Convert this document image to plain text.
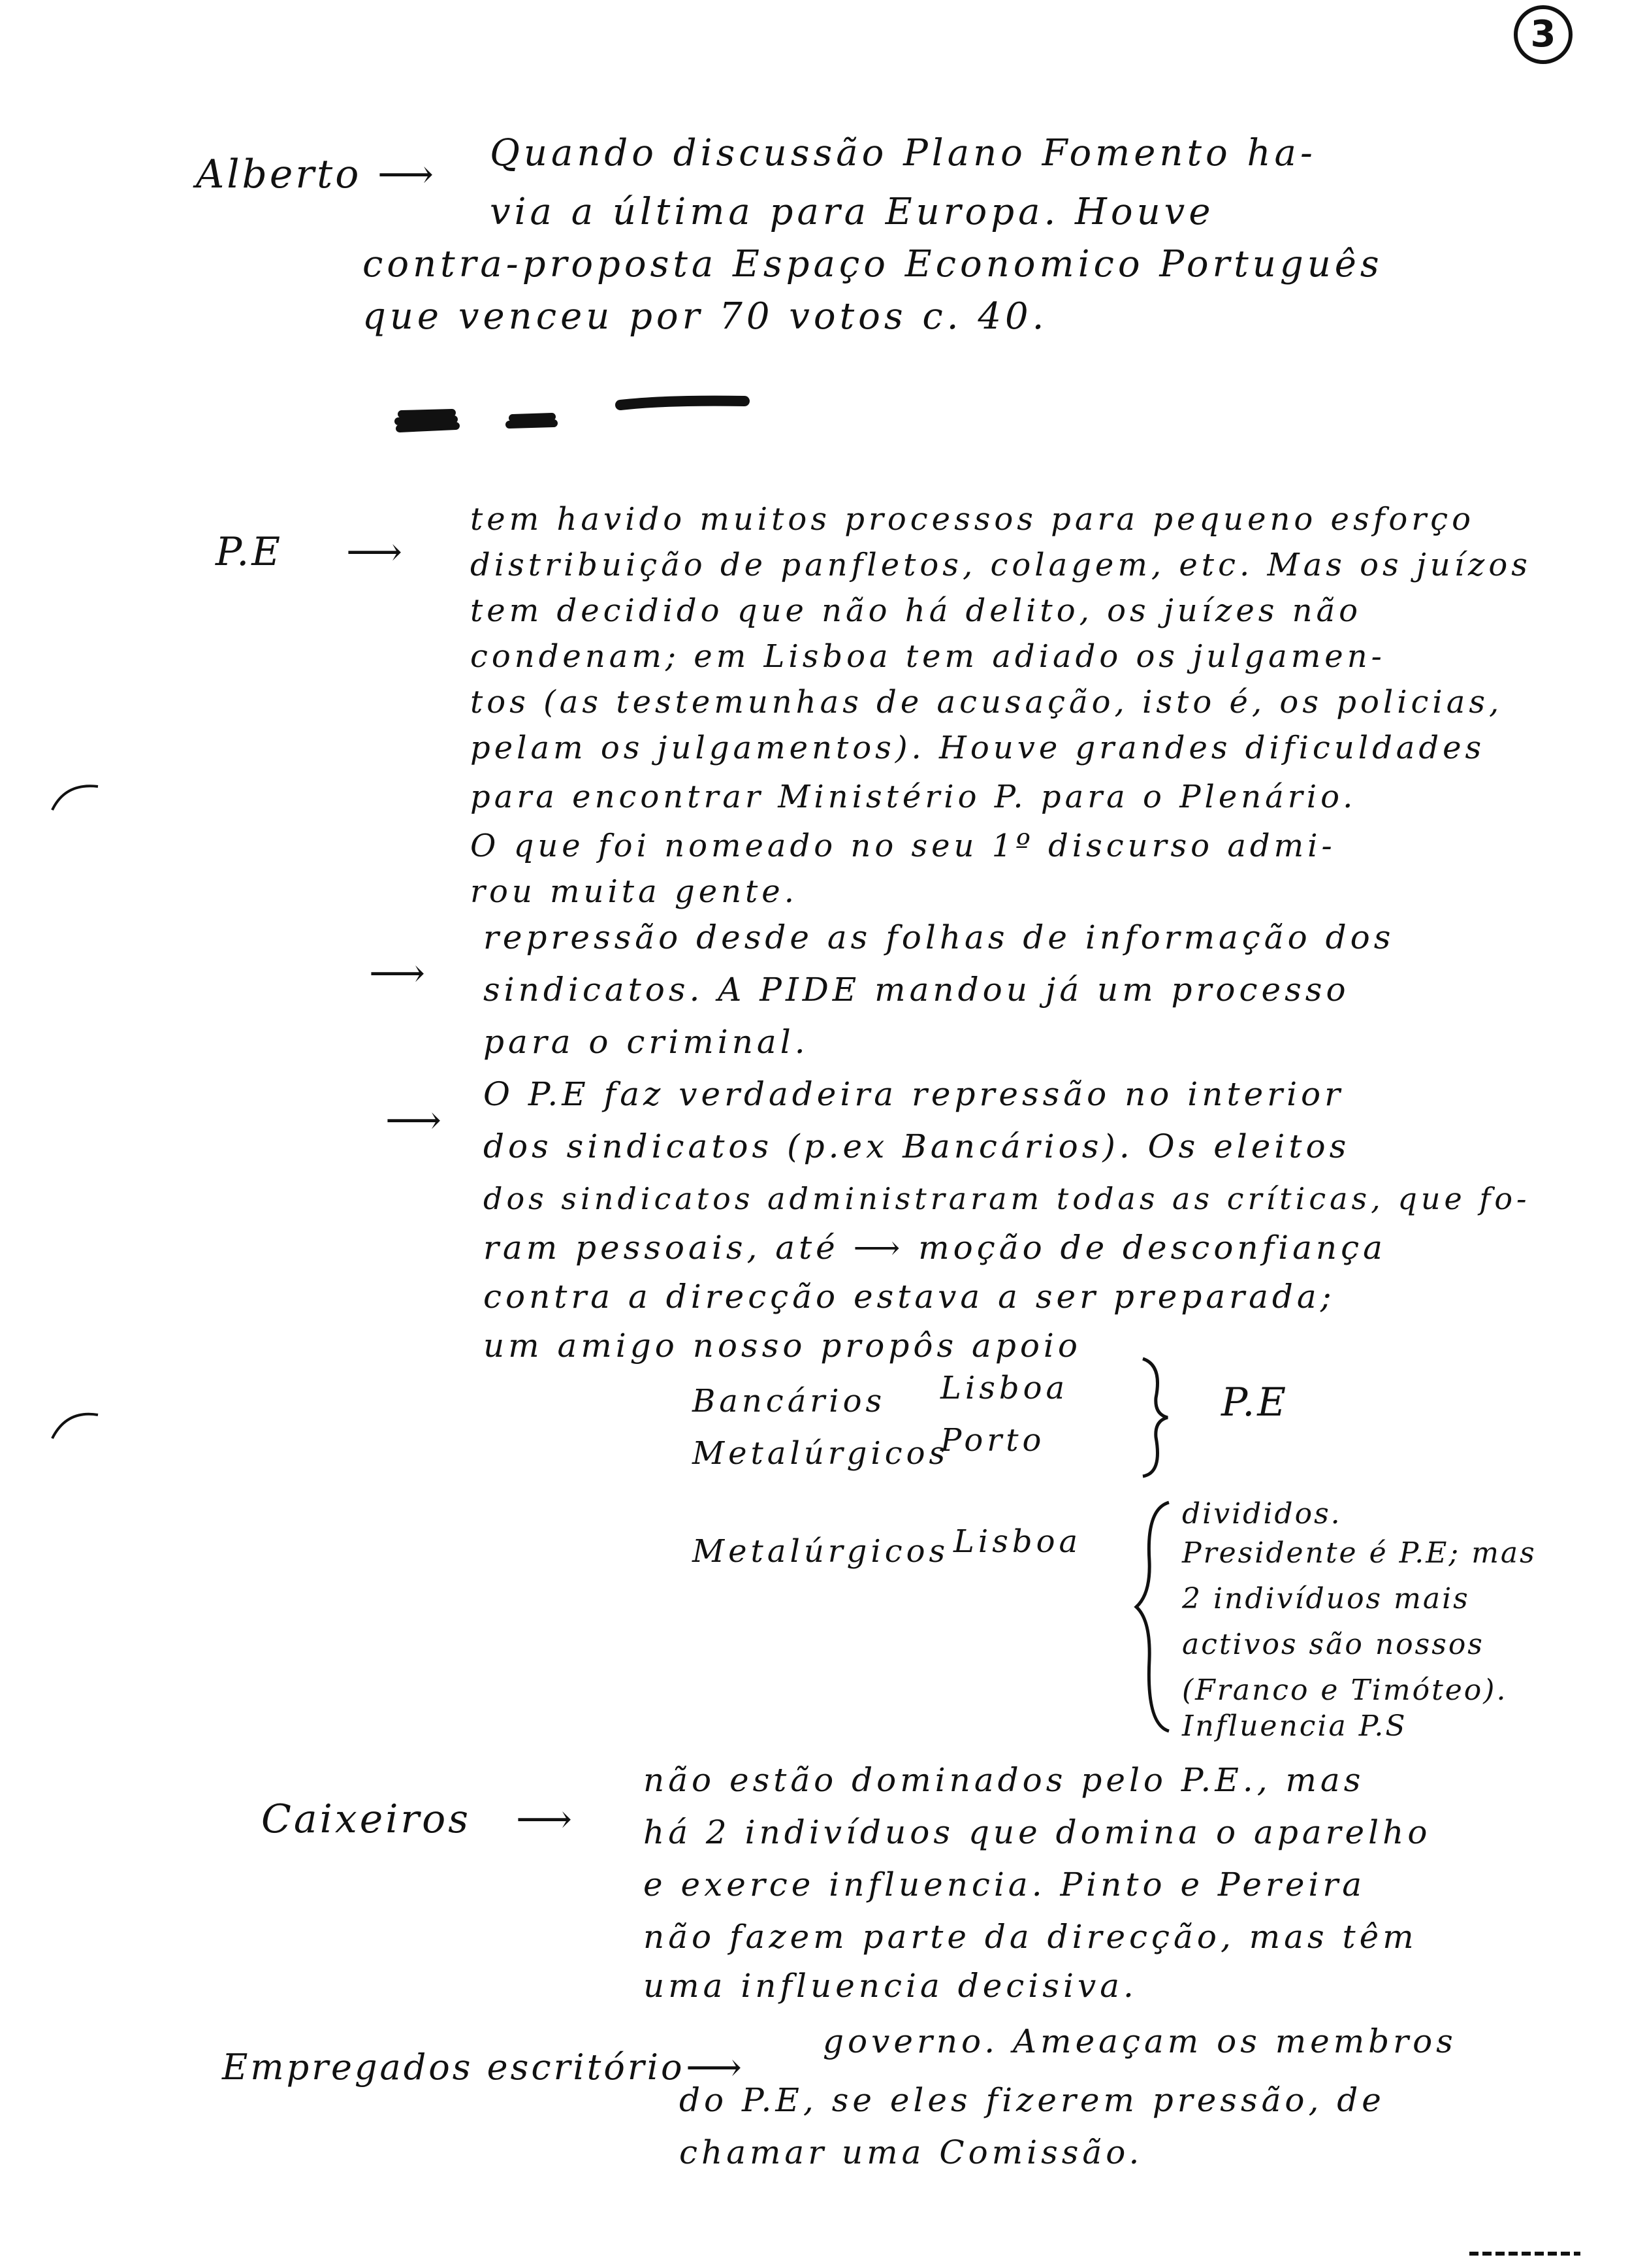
3
Alberto ⟶ Quando discussão Plano Fomento ha-
via a última para Europa. Houve
contra-proposta Espaço Economico Português
que venceu por 70 votos c. 40.
P.E ⟶
tem havido muitos processos para pequeno esforço
distribuição de panfletos, colagem, etc. Mas os juízos
tem decidido que não há delito, os juízes não
condenam; em Lisboa tem adiado os julgamen-
tos (as testemunhas de acusação, isto é, os policias,
pelam os julgamentos). Houve grandes dificuldades
para encontrar Ministério P. para o Plenário.
O que foi nomeado no seu 1º discurso admi-
rou muita gente.
⟶
repressão desde as folhas de informação dos
sindicatos. A PIDE mandou já um processo
para o criminal.
⟶
O P.E faz verdadeira repressão no interior
dos sindicatos (p.ex Bancários). Os eleitos
dos sindicatos administraram todas as críticas, que fo-
ram pessoais, até ⟶ moção de desconfiança
contra a direcção estava a ser preparada;
um amigo nosso propôs apoio
Bancários Lisboa
Metalúrgicos
Porto
P.E
Metalúrgicos Lisboa
divididos.
Presidente é P.E; mas
2 indivíduos mais
activos são nossos
(Franco e Timóteo).
Influencia P.S
Caixeiros ⟶
não estão dominados pelo P.E., mas
há 2 indivíduos que domina o aparelho
e exerce influencia. Pinto e Pereira
não fazem parte da direcção, mas têm
uma influencia decisiva.
Empregados escritório ⟶
governo. Ameaçam os membros
do P.E, se eles fizerem pressão, de
chamar uma Comissão.
